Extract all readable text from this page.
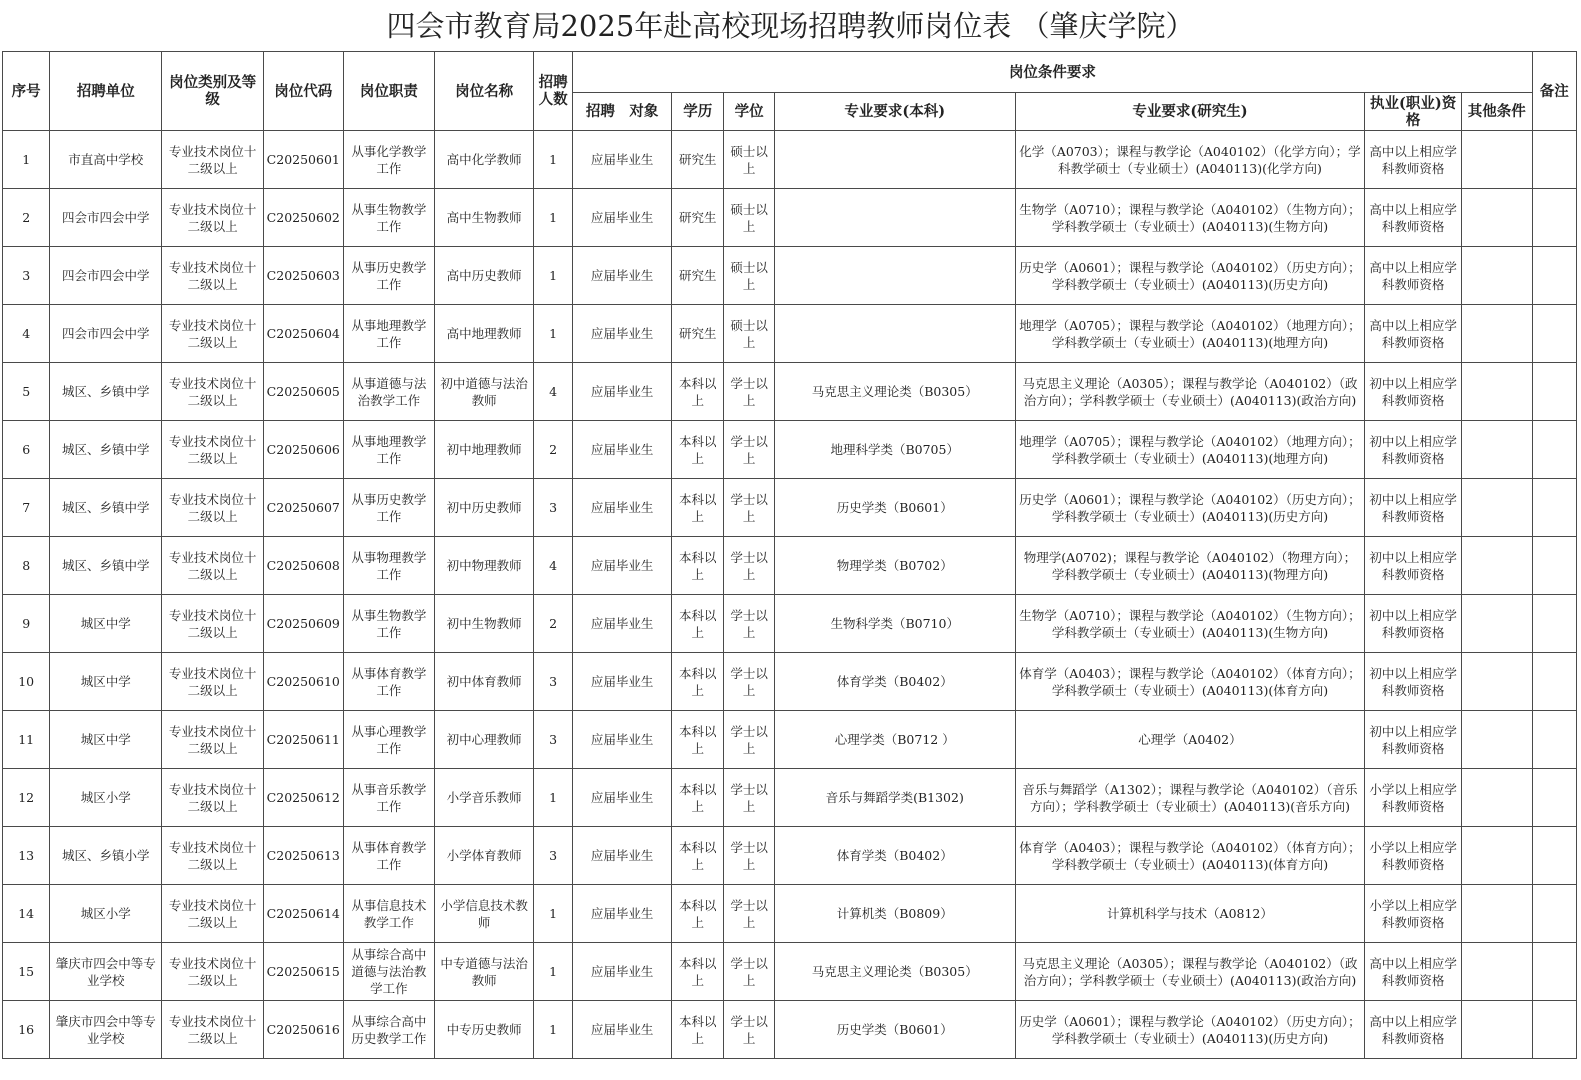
四会市教育局2025年赴高校现场招聘教师岗位表 （肇庆学院）
序号	招聘单位	岗位类别及等级	岗位代码	岗位职责	岗位名称	招聘人数	岗位条件要求							备注
							招聘　对象	学历	学位	专业要求(本科)	专业要求(研究生)	执业(职业)资格	其他条件	
1	市直高中学校	专业技术岗位十二级以上	C20250601	从事化学教学工作	高中化学教师	1	应届毕业生	研究生	硕士以上		化学（A0703）；课程与教学论（A040102）（化学方向）；学科教学硕士（专业硕士）(A040113)(化学方向)	高中以上相应学科教师资格		
2	四会市四会中学	专业技术岗位十二级以上	C20250602	从事生物教学工作	高中生物教师	1	应届毕业生	研究生	硕士以上		生物学（A0710）；课程与教学论（A040102）（生物方向）；学科教学硕士（专业硕士）(A040113)(生物方向)	高中以上相应学科教师资格		
3	四会市四会中学	专业技术岗位十二级以上	C20250603	从事历史教学工作	高中历史教师	1	应届毕业生	研究生	硕士以上		历史学（A0601）；课程与教学论（A040102）（历史方向）；学科教学硕士（专业硕士）(A040113)(历史方向)	高中以上相应学科教师资格		
4	四会市四会中学	专业技术岗位十二级以上	C20250604	从事地理教学工作	高中地理教师	1	应届毕业生	研究生	硕士以上		地理学（A0705）；课程与教学论（A040102）（地理方向）；学科教学硕士（专业硕士）(A040113)(地理方向)	高中以上相应学科教师资格		
5	城区、乡镇中学	专业技术岗位十二级以上	C20250605	从事道德与法治教学工作	初中道德与法治教师	4	应届毕业生	本科以上	学士以上	马克思主义理论类（B0305）	马克思主义理论（A0305）；课程与教学论（A040102）（政治方向）；学科教学硕士（专业硕士）(A040113)(政治方向)	初中以上相应学科教师资格		
6	城区、乡镇中学	专业技术岗位十二级以上	C20250606	从事地理教学工作	初中地理教师	2	应届毕业生	本科以上	学士以上	地理科学类（B0705）	地理学（A0705）；课程与教学论（A040102）（地理方向）；学科教学硕士（专业硕士）(A040113)(地理方向)	初中以上相应学科教师资格		
7	城区、乡镇中学	专业技术岗位十二级以上	C20250607	从事历史教学工作	初中历史教师	3	应届毕业生	本科以上	学士以上	历史学类（B0601）	历史学（A0601）；课程与教学论（A040102）（历史方向）；学科教学硕士（专业硕士）(A040113)(历史方向)	初中以上相应学科教师资格		
8	城区、乡镇中学	专业技术岗位十二级以上	C20250608	从事物理教学工作	初中物理教师	4	应届毕业生	本科以上	学士以上	物理学类（B0702）	物理学(A0702)；课程与教学论（A040102）（物理方向）；学科教学硕士（专业硕士）(A040113)(物理方向)	初中以上相应学科教师资格		
9	城区中学	专业技术岗位十二级以上	C20250609	从事生物教学工作	初中生物教师	2	应届毕业生	本科以上	学士以上	生物科学类（B0710）	生物学（A0710）；课程与教学论（A040102）（生物方向）；学科教学硕士（专业硕士）(A040113)(生物方向)	初中以上相应学科教师资格		
10	城区中学	专业技术岗位十二级以上	C20250610	从事体育教学工作	初中体育教师	3	应届毕业生	本科以上	学士以上	体育学类（B0402）	体育学（A0403）；课程与教学论（A040102）（体育方向）；学科教学硕士（专业硕士）(A040113)(体育方向)	初中以上相应学科教师资格		
11	城区中学	专业技术岗位十二级以上	C20250611	从事心理教学工作	初中心理教师	3	应届毕业生	本科以上	学士以上	心理学类（B0712 ）	心理学（A0402）	初中以上相应学科教师资格		
12	城区小学	专业技术岗位十二级以上	C20250612	从事音乐教学工作	小学音乐教师	1	应届毕业生	本科以上	学士以上	音乐与舞蹈学类(B1302)	音乐与舞蹈学（A1302）；课程与教学论（A040102）（音乐方向）；学科教学硕士（专业硕士）(A040113)(音乐方向)	小学以上相应学科教师资格		
13	城区、乡镇小学	专业技术岗位十二级以上	C20250613	从事体育教学工作	小学体育教师	3	应届毕业生	本科以上	学士以上	体育学类（B0402）	体育学（A0403）；课程与教学论（A040102）（体育方向）；学科教学硕士（专业硕士）(A040113)(体育方向)	小学以上相应学科教师资格		
14	城区小学	专业技术岗位十二级以上	C20250614	从事信息技术教学工作	小学信息技术教师	1	应届毕业生	本科以上	学士以上	计算机类（B0809）	计算机科学与技术（A0812）	小学以上相应学科教师资格		
15	肇庆市四会中等专业学校	专业技术岗位十二级以上	C20250615	从事综合高中道德与法治教学工作	中专道德与法治教师	1	应届毕业生	本科以上	学士以上	马克思主义理论类（B0305）	马克思主义理论（A0305）；课程与教学论（A040102）（政治方向）；学科教学硕士（专业硕士）(A040113)(政治方向)	高中以上相应学科教师资格		
16	肇庆市四会中等专业学校	专业技术岗位十二级以上	C20250616	从事综合高中历史教学工作	中专历史教师	1	应届毕业生	本科以上	学士以上	历史学类（B0601）	历史学（A0601）；课程与教学论（A040102）（历史方向）；学科教学硕士（专业硕士）(A040113)(历史方向)	高中以上相应学科教师资格		
